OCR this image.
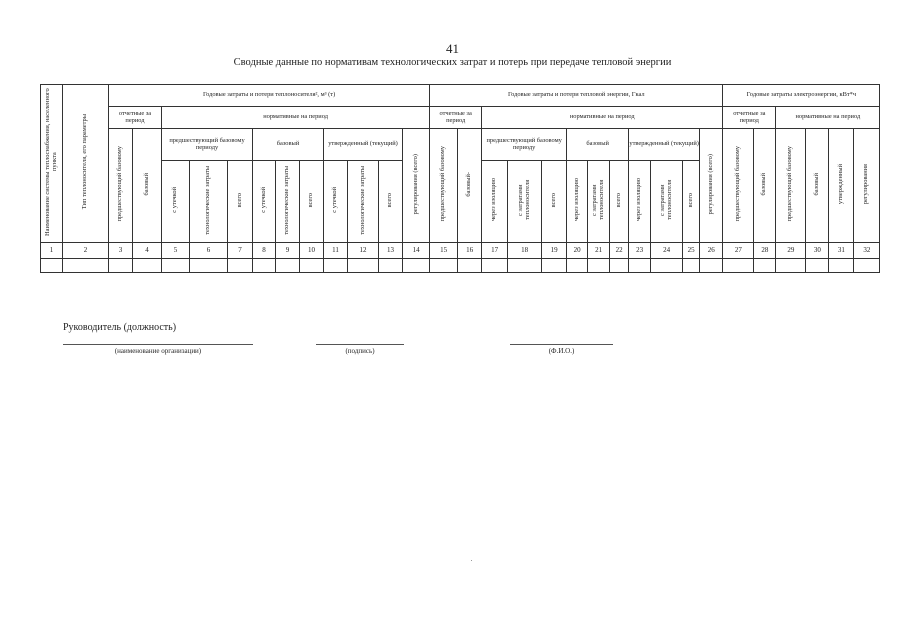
41
Сводные данные по нормативам технологических затрат и потерь при передаче тепловой энергии
Наименование системы теплоснабжения, населенного пункта	Тип теплоносителя, его параметры	Годовые затраты и потери теплоносителя², м³ (т)												Годовые затраты и потери тепловой энергии, Гкал												Годовые затраты электроэнергии, кВт*ч					
		отчетные за период		нормативные на период										отчетные за период		нормативные на период										отчетные за период		нормативные на период			
		предшествующий базовому	базовый	предшествующий базовому периоду			базовый			утвержденный (текущий)			регулирования (всего)	предшествующий базовому	базовый-	предшествующий базовому периоду			базовый			утвержденный (текущий)			регулирования (всего)	предшествующий базовому	базовый	предшествующий базовому	базовый	утвержденный	регулирования
				с утечкой	технологические затраты	всего	с утечкой	технологические затраты	всего	с утечкой	технологические затраты	всего				через изоляцию	с затратами теплоносителя	всего	через изоляцию	с затратами теплоносителя	всего	через изоляцию	с затратами теплоносителя	всего							
1	2	3	4	5	6	7	8	9	10	11	12	13	14	15	16	17	18	19	20	21	22	23	24	25	26	27	28	29	30	31	32

Руководитель (должность)
(наименование организации)	(подпись)	(Ф.И.О.)
